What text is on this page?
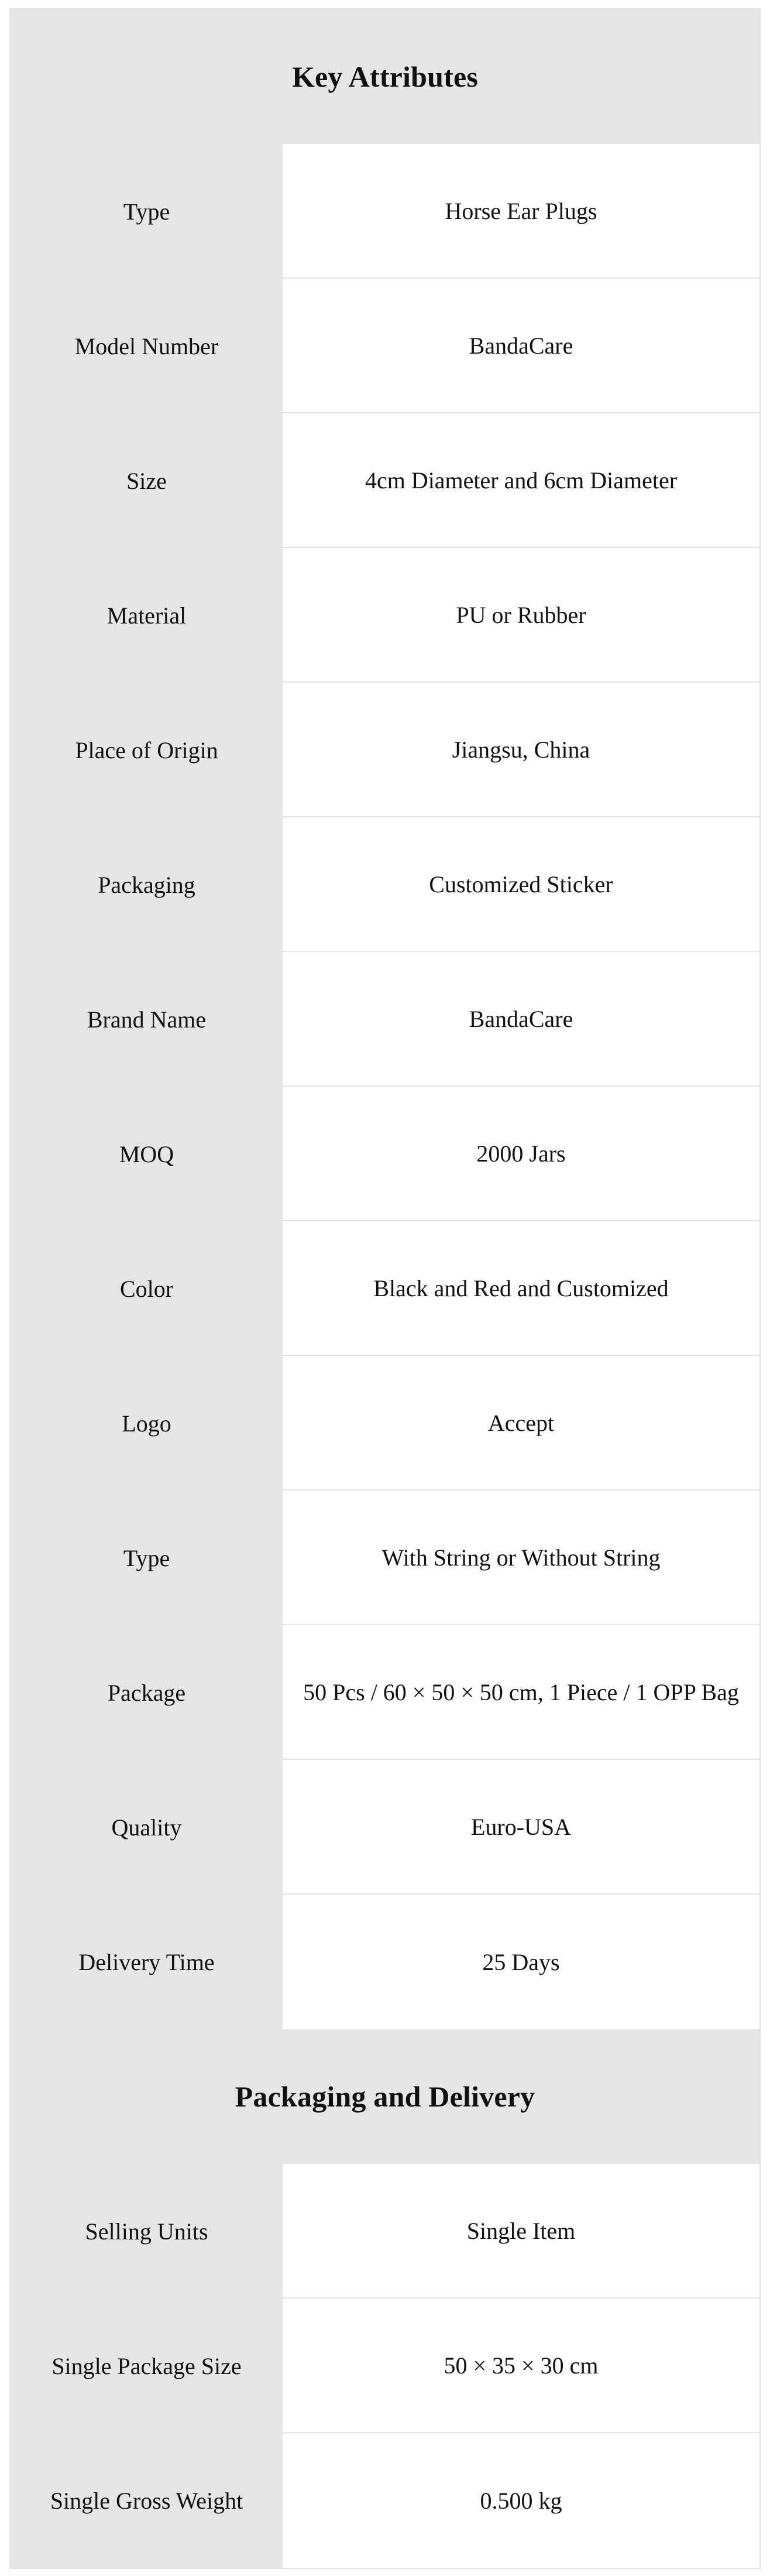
Key Attributes
Type	Horse Ear Plugs
Model Number	BandaCare
Size	4cm Diameter and 6cm Diameter
Material	PU or Rubber
Place of Origin	Jiangsu, China
Packaging	Customized Sticker
Brand Name	BandaCare
MOQ	2000 Jars
Color	Black and Red and Customized
Logo	Accept
Type	With String or Without String
Package	50 Pcs / 60 × 50 × 50 cm, 1 Piece / 1 OPP Bag
Quality	Euro-USA
Delivery Time	25 Days
Packaging and Delivery
Selling Units	Single Item
Single Package Size	50 × 35 × 30 cm
Single Gross Weight	0.500 kg
